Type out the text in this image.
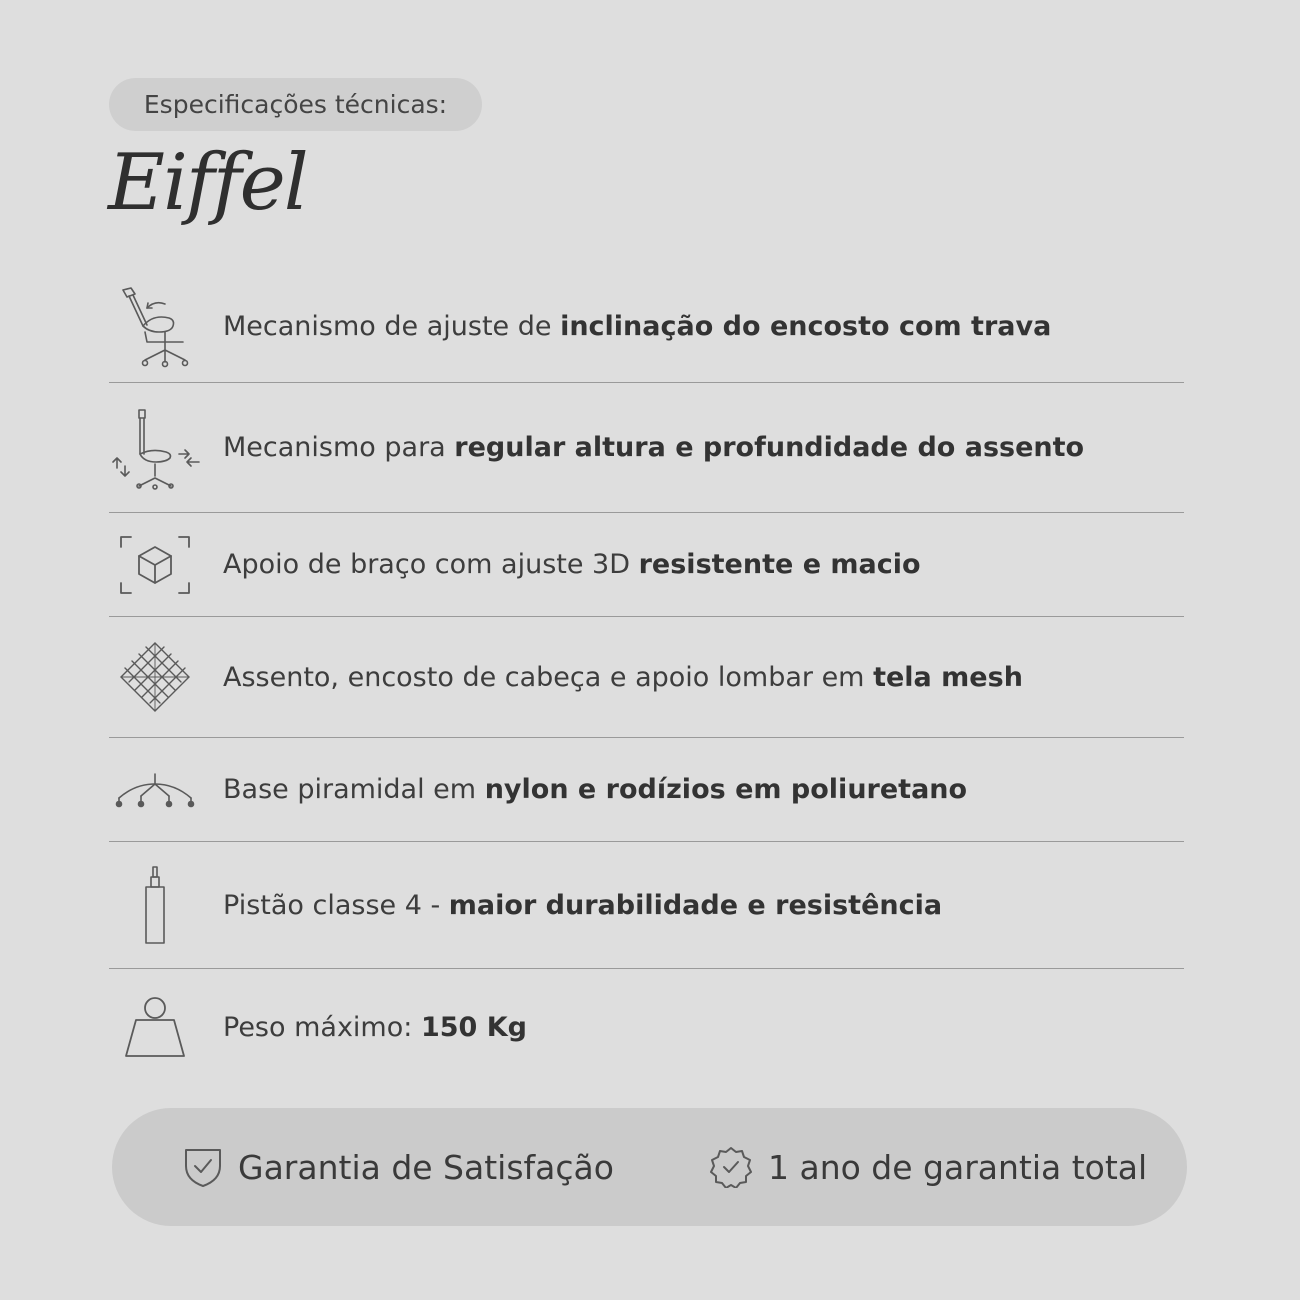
Especificações técnicas:
Eiffel
Mecanismo de ajuste de inclinação do encosto com trava
Mecanismo para regular altura e profundidade do assento
Apoio de braço com ajuste 3D resistente e macio
Assento, encosto de cabeça e apoio lombar em tela mesh
Base piramidal em nylon e rodízios em poliuretano
Pistão classe 4 - maior durabilidade e resistência
Peso máximo: 150 Kg
Garantia de Satisfação	1 ano de garantia total
